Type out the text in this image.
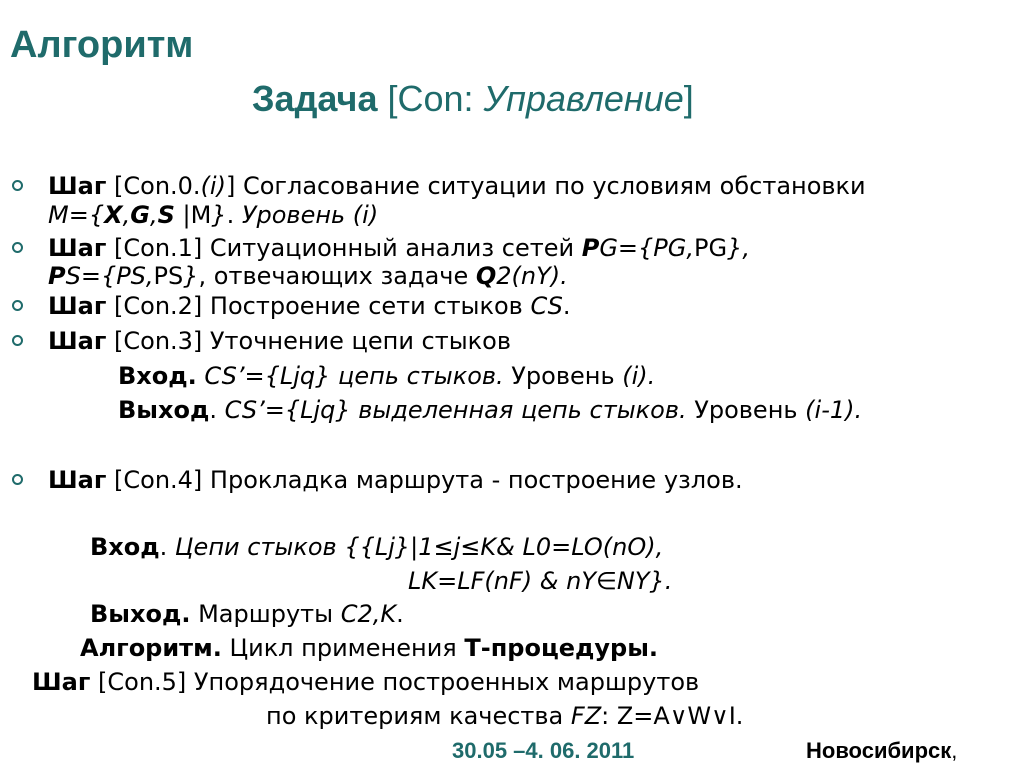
Алгоритм
Задача [Con: Управление]
Шаг [Con.0.(i)] Согласование ситуации по условиям обстановки
M={X,G,S |M}. Уровень (i)
Шаг [Con.1] Ситуационный анализ сетей PG={PG,PG},
PS={PS,PS}, отвечающих задаче Q2(nY).
Шаг [Con.2] Построение сети стыков CS.
Шаг [Con.3] Уточнение цепи стыков
Вход. CS’={Ljq} цепь стыков. Уровень (i).
Выход. CS’={Ljq} выделенная цепь стыков. Уровень (i-1).
Шаг [Con.4] Прокладка маршрута - построение узлов.
Вход. Цепи стыков {{Lj}|1≤j≤K& L0=LO(nO),
LK=LF(nF) & nY∈NY}.
Выход. Маршруты C2,K.
Алгоритм. Цикл применения Т-процедуры.
Шаг [Con.5] Упорядочение построенных маршрутов
по критериям качества FZ: Z=A∨W∨I.
30.05 –4. 06. 2011	Новосибирск,
